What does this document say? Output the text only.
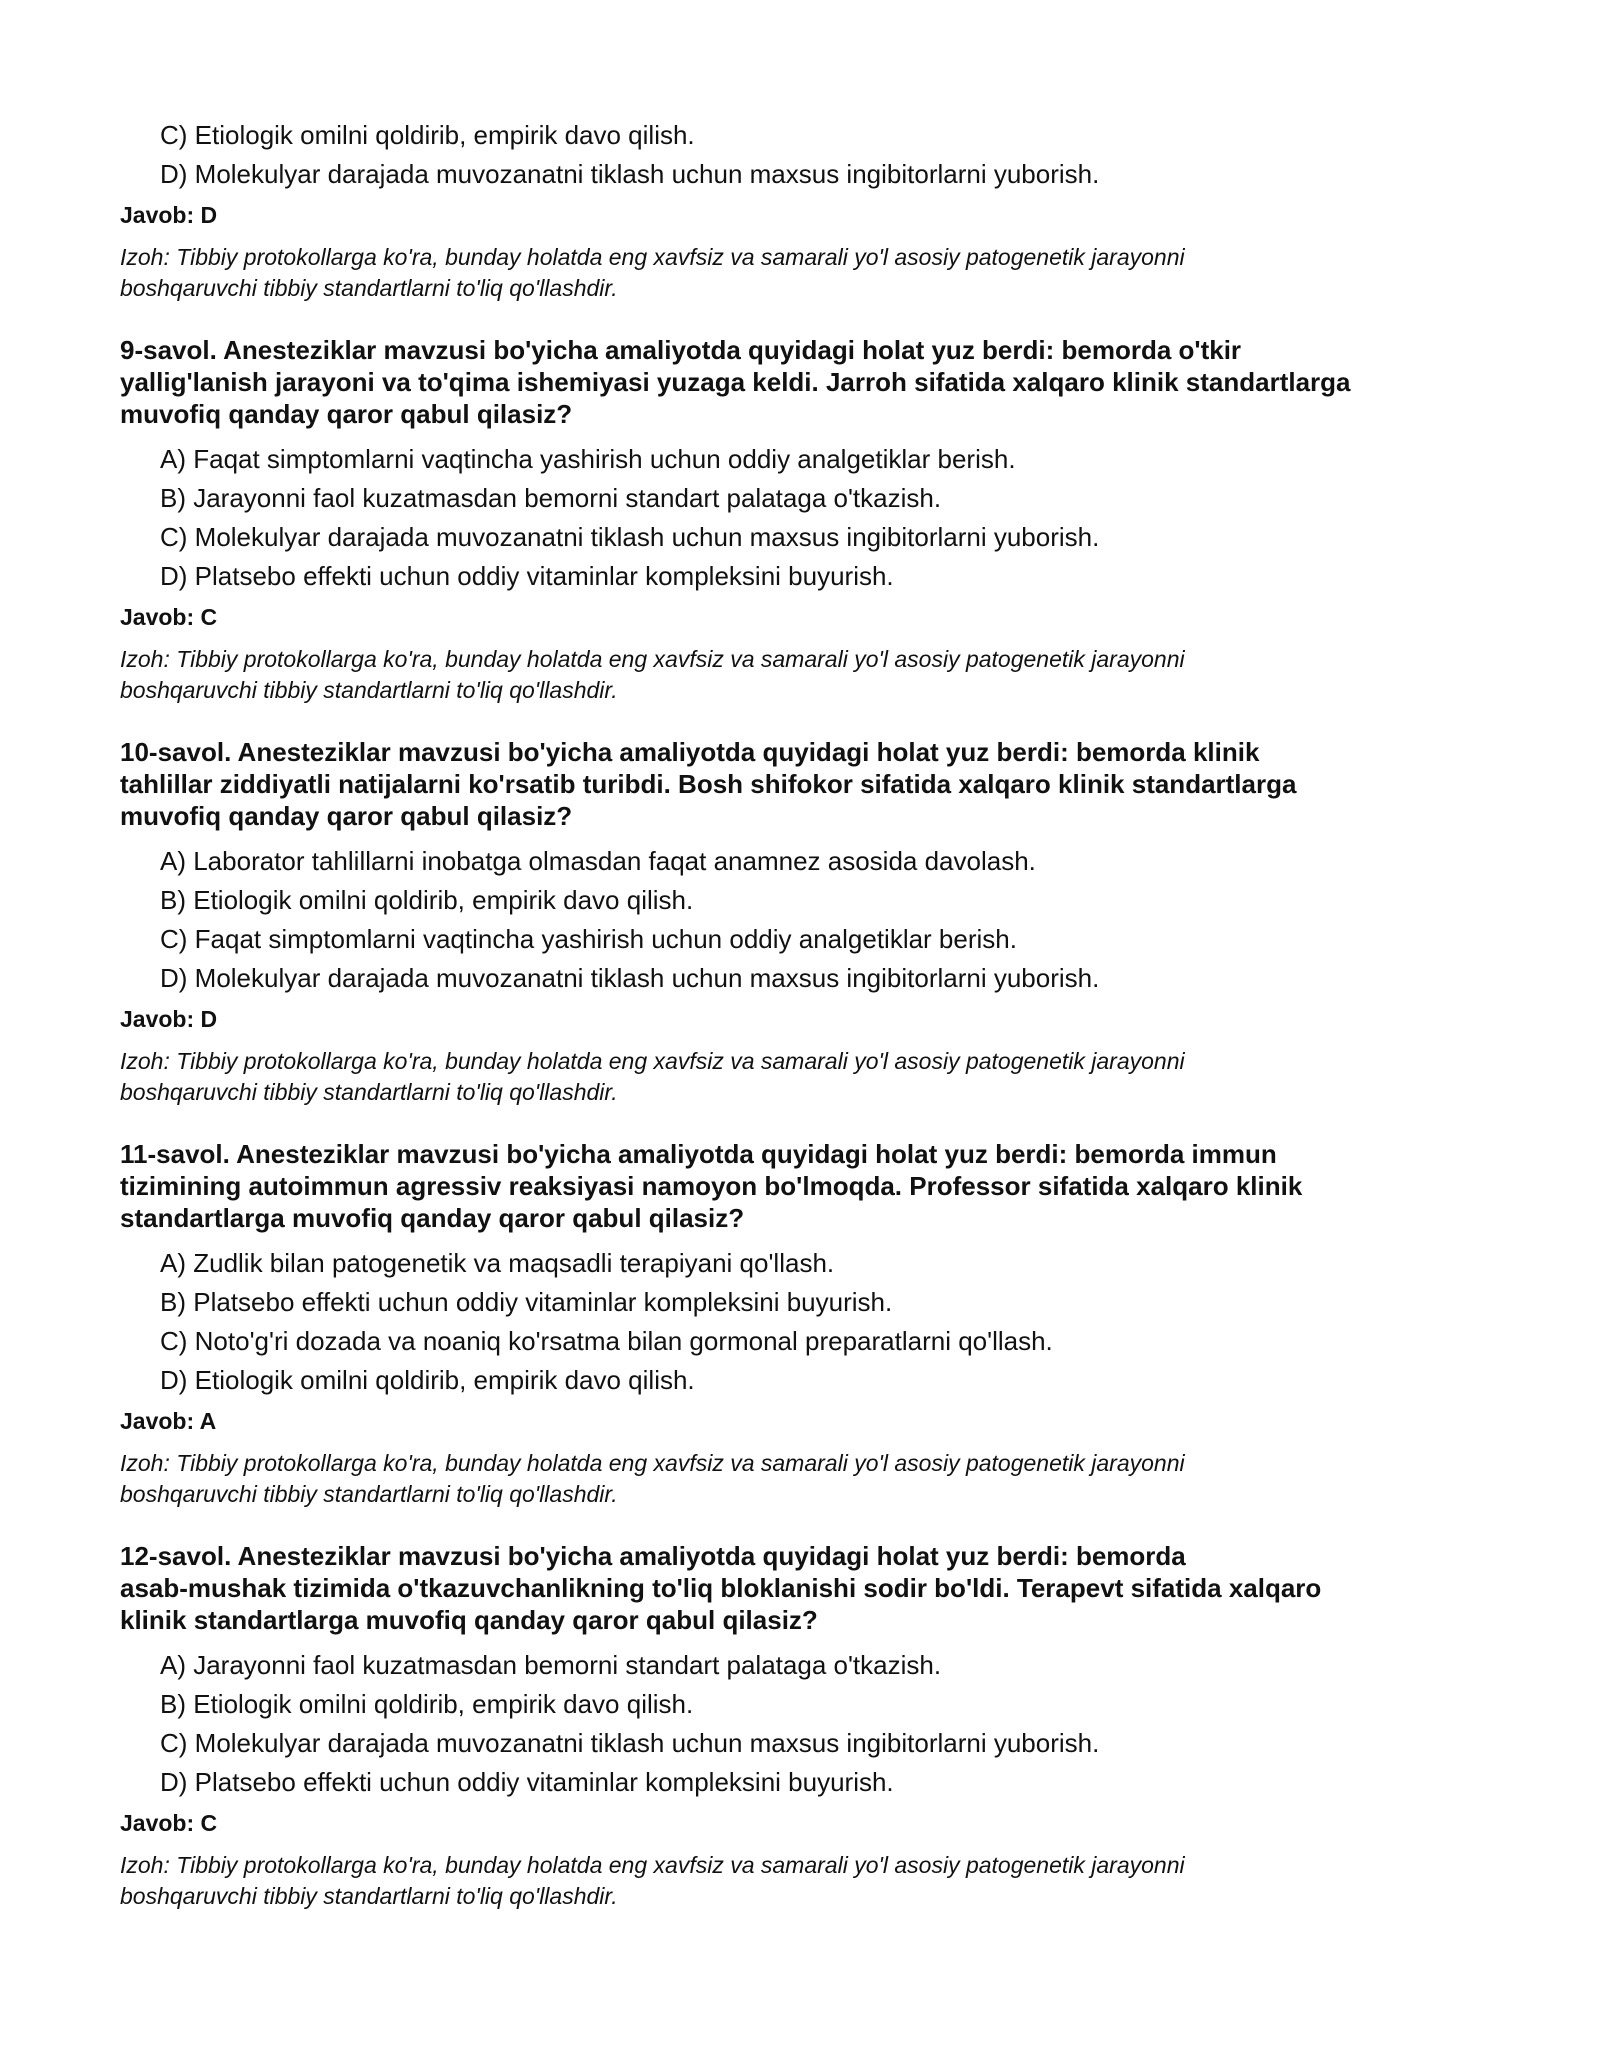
C) Etiologik omilni qoldirib, empirik davo qilish.
D) Molekulyar darajada muvozanatni tiklash uchun maxsus ingibitorlarni yuborish.
Javob: D
Izoh: Tibbiy protokollarga ko'ra, bunday holatda eng xavfsiz va samarali yo'l asosiy patogenetik jarayonni
boshqaruvchi tibbiy standartlarni to'liq qo'llashdir.
9-savol. Anesteziklar mavzusi bo'yicha amaliyotda quyidagi holat yuz berdi: bemorda o'tkir
yallig'lanish jarayoni va to'qima ishemiyasi yuzaga keldi. Jarroh sifatida xalqaro klinik standartlarga
muvofiq qanday qaror qabul qilasiz?
A) Faqat simptomlarni vaqtincha yashirish uchun oddiy analgetiklar berish.
B) Jarayonni faol kuzatmasdan bemorni standart palataga o'tkazish.
C) Molekulyar darajada muvozanatni tiklash uchun maxsus ingibitorlarni yuborish.
D) Platsebo effekti uchun oddiy vitaminlar kompleksini buyurish.
Javob: C
Izoh: Tibbiy protokollarga ko'ra, bunday holatda eng xavfsiz va samarali yo'l asosiy patogenetik jarayonni
boshqaruvchi tibbiy standartlarni to'liq qo'llashdir.
10-savol. Anesteziklar mavzusi bo'yicha amaliyotda quyidagi holat yuz berdi: bemorda klinik
tahlillar ziddiyatli natijalarni ko'rsatib turibdi. Bosh shifokor sifatida xalqaro klinik standartlarga
muvofiq qanday qaror qabul qilasiz?
A) Laborator tahlillarni inobatga olmasdan faqat anamnez asosida davolash.
B) Etiologik omilni qoldirib, empirik davo qilish.
C) Faqat simptomlarni vaqtincha yashirish uchun oddiy analgetiklar berish.
D) Molekulyar darajada muvozanatni tiklash uchun maxsus ingibitorlarni yuborish.
Javob: D
Izoh: Tibbiy protokollarga ko'ra, bunday holatda eng xavfsiz va samarali yo'l asosiy patogenetik jarayonni
boshqaruvchi tibbiy standartlarni to'liq qo'llashdir.
11-savol. Anesteziklar mavzusi bo'yicha amaliyotda quyidagi holat yuz berdi: bemorda immun
tizimining autoimmun agressiv reaksiyasi namoyon bo'lmoqda. Professor sifatida xalqaro klinik
standartlarga muvofiq qanday qaror qabul qilasiz?
A) Zudlik bilan patogenetik va maqsadli terapiyani qo'llash.
B) Platsebo effekti uchun oddiy vitaminlar kompleksini buyurish.
C) Noto'g'ri dozada va noaniq ko'rsatma bilan gormonal preparatlarni qo'llash.
D) Etiologik omilni qoldirib, empirik davo qilish.
Javob: A
Izoh: Tibbiy protokollarga ko'ra, bunday holatda eng xavfsiz va samarali yo'l asosiy patogenetik jarayonni
boshqaruvchi tibbiy standartlarni to'liq qo'llashdir.
12-savol. Anesteziklar mavzusi bo'yicha amaliyotda quyidagi holat yuz berdi: bemorda
asab-mushak tizimida o'tkazuvchanlikning to'liq bloklanishi sodir bo'ldi. Terapevt sifatida xalqaro
klinik standartlarga muvofiq qanday qaror qabul qilasiz?
A) Jarayonni faol kuzatmasdan bemorni standart palataga o'tkazish.
B) Etiologik omilni qoldirib, empirik davo qilish.
C) Molekulyar darajada muvozanatni tiklash uchun maxsus ingibitorlarni yuborish.
D) Platsebo effekti uchun oddiy vitaminlar kompleksini buyurish.
Javob: C
Izoh: Tibbiy protokollarga ko'ra, bunday holatda eng xavfsiz va samarali yo'l asosiy patogenetik jarayonni
boshqaruvchi tibbiy standartlarni to'liq qo'llashdir.
